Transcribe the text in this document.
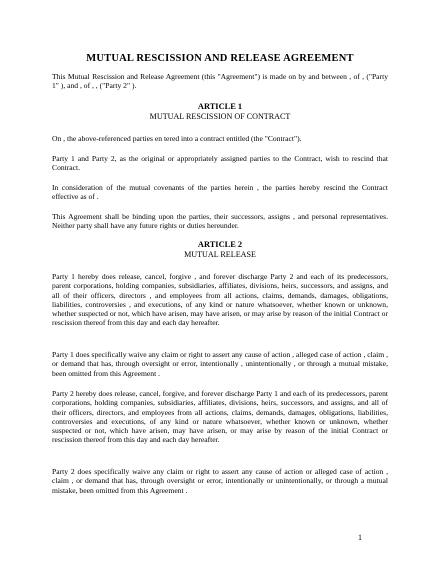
MUTUAL RESCISSION AND RELEASE AGREEMENT

This Mutual Rescission and Release Agreement (this "Agreement") is made on by and between , of , ("Party 1" ), and , of , , ("Party 2" ).

ARTICLE 1
MUTUAL RESCISSION OF CONTRACT

On , the above-referenced parties en tered into a contract entitled (the "Contract").

Party 1 and Party 2, as the original or appropriately assigned parties to the Contract, wish to rescind that Contract.

In consideration of the mutual covenants of the parties herein , the parties hereby rescind the Contract effective as of .

This Agreement shall be binding upon the parties, their successors, assigns , and personal representatives. Neither party shall have any future rights or duties hereunder.

ARTICLE 2
MUTUAL RELEASE

Party 1 hereby does release, cancel, forgive , and forever discharge Party 2 and each of its predecessors, parent corporations, holding companies, subsidiaries, affiliates, divisions, heirs, successors, and assigns, and all of their officers, directors , and employees from all actions, claims, demands, damages, obligations, liabilities, controversies , and executions, of any kind or nature whatsoever, whether known or unknown, whether suspected or not, which have arisen, may have arisen, or may arise by reason of the initial Contract or rescission thereof from this day and each day hereafter.

Party 1 does specifically waive any claim or right to assert any cause of action , alleged case of action , claim , or demand that has, through oversight or error, intentionally , unintentionally , or through a mutual mistake, been omitted from this Agreement .

Party 2 hereby does release, cancel, forgive, and forever discharge Party 1 and each of its predecessors, parent corporations, holding companies, subsidiaries, affiliates, divisions, heirs, successors, and assigns, and all of their officers, directors, and employees from all actions, claims, demands, damages, obligations, liabilities, controversies and executions, of any kind or nature whatsoever, whether known or unknown, whether suspected or not, which have arisen, may have arisen, or may arise by reason of the initial Contract or rescission thereof from this day and each day hereafter.

Party 2 does specifically waive any claim or right to assert any cause of action or alleged case of action , claim , or demand that has, through oversight or error, intentionally or unintentionally, or through a mutual mistake, been omitted from this Agreement .

1
